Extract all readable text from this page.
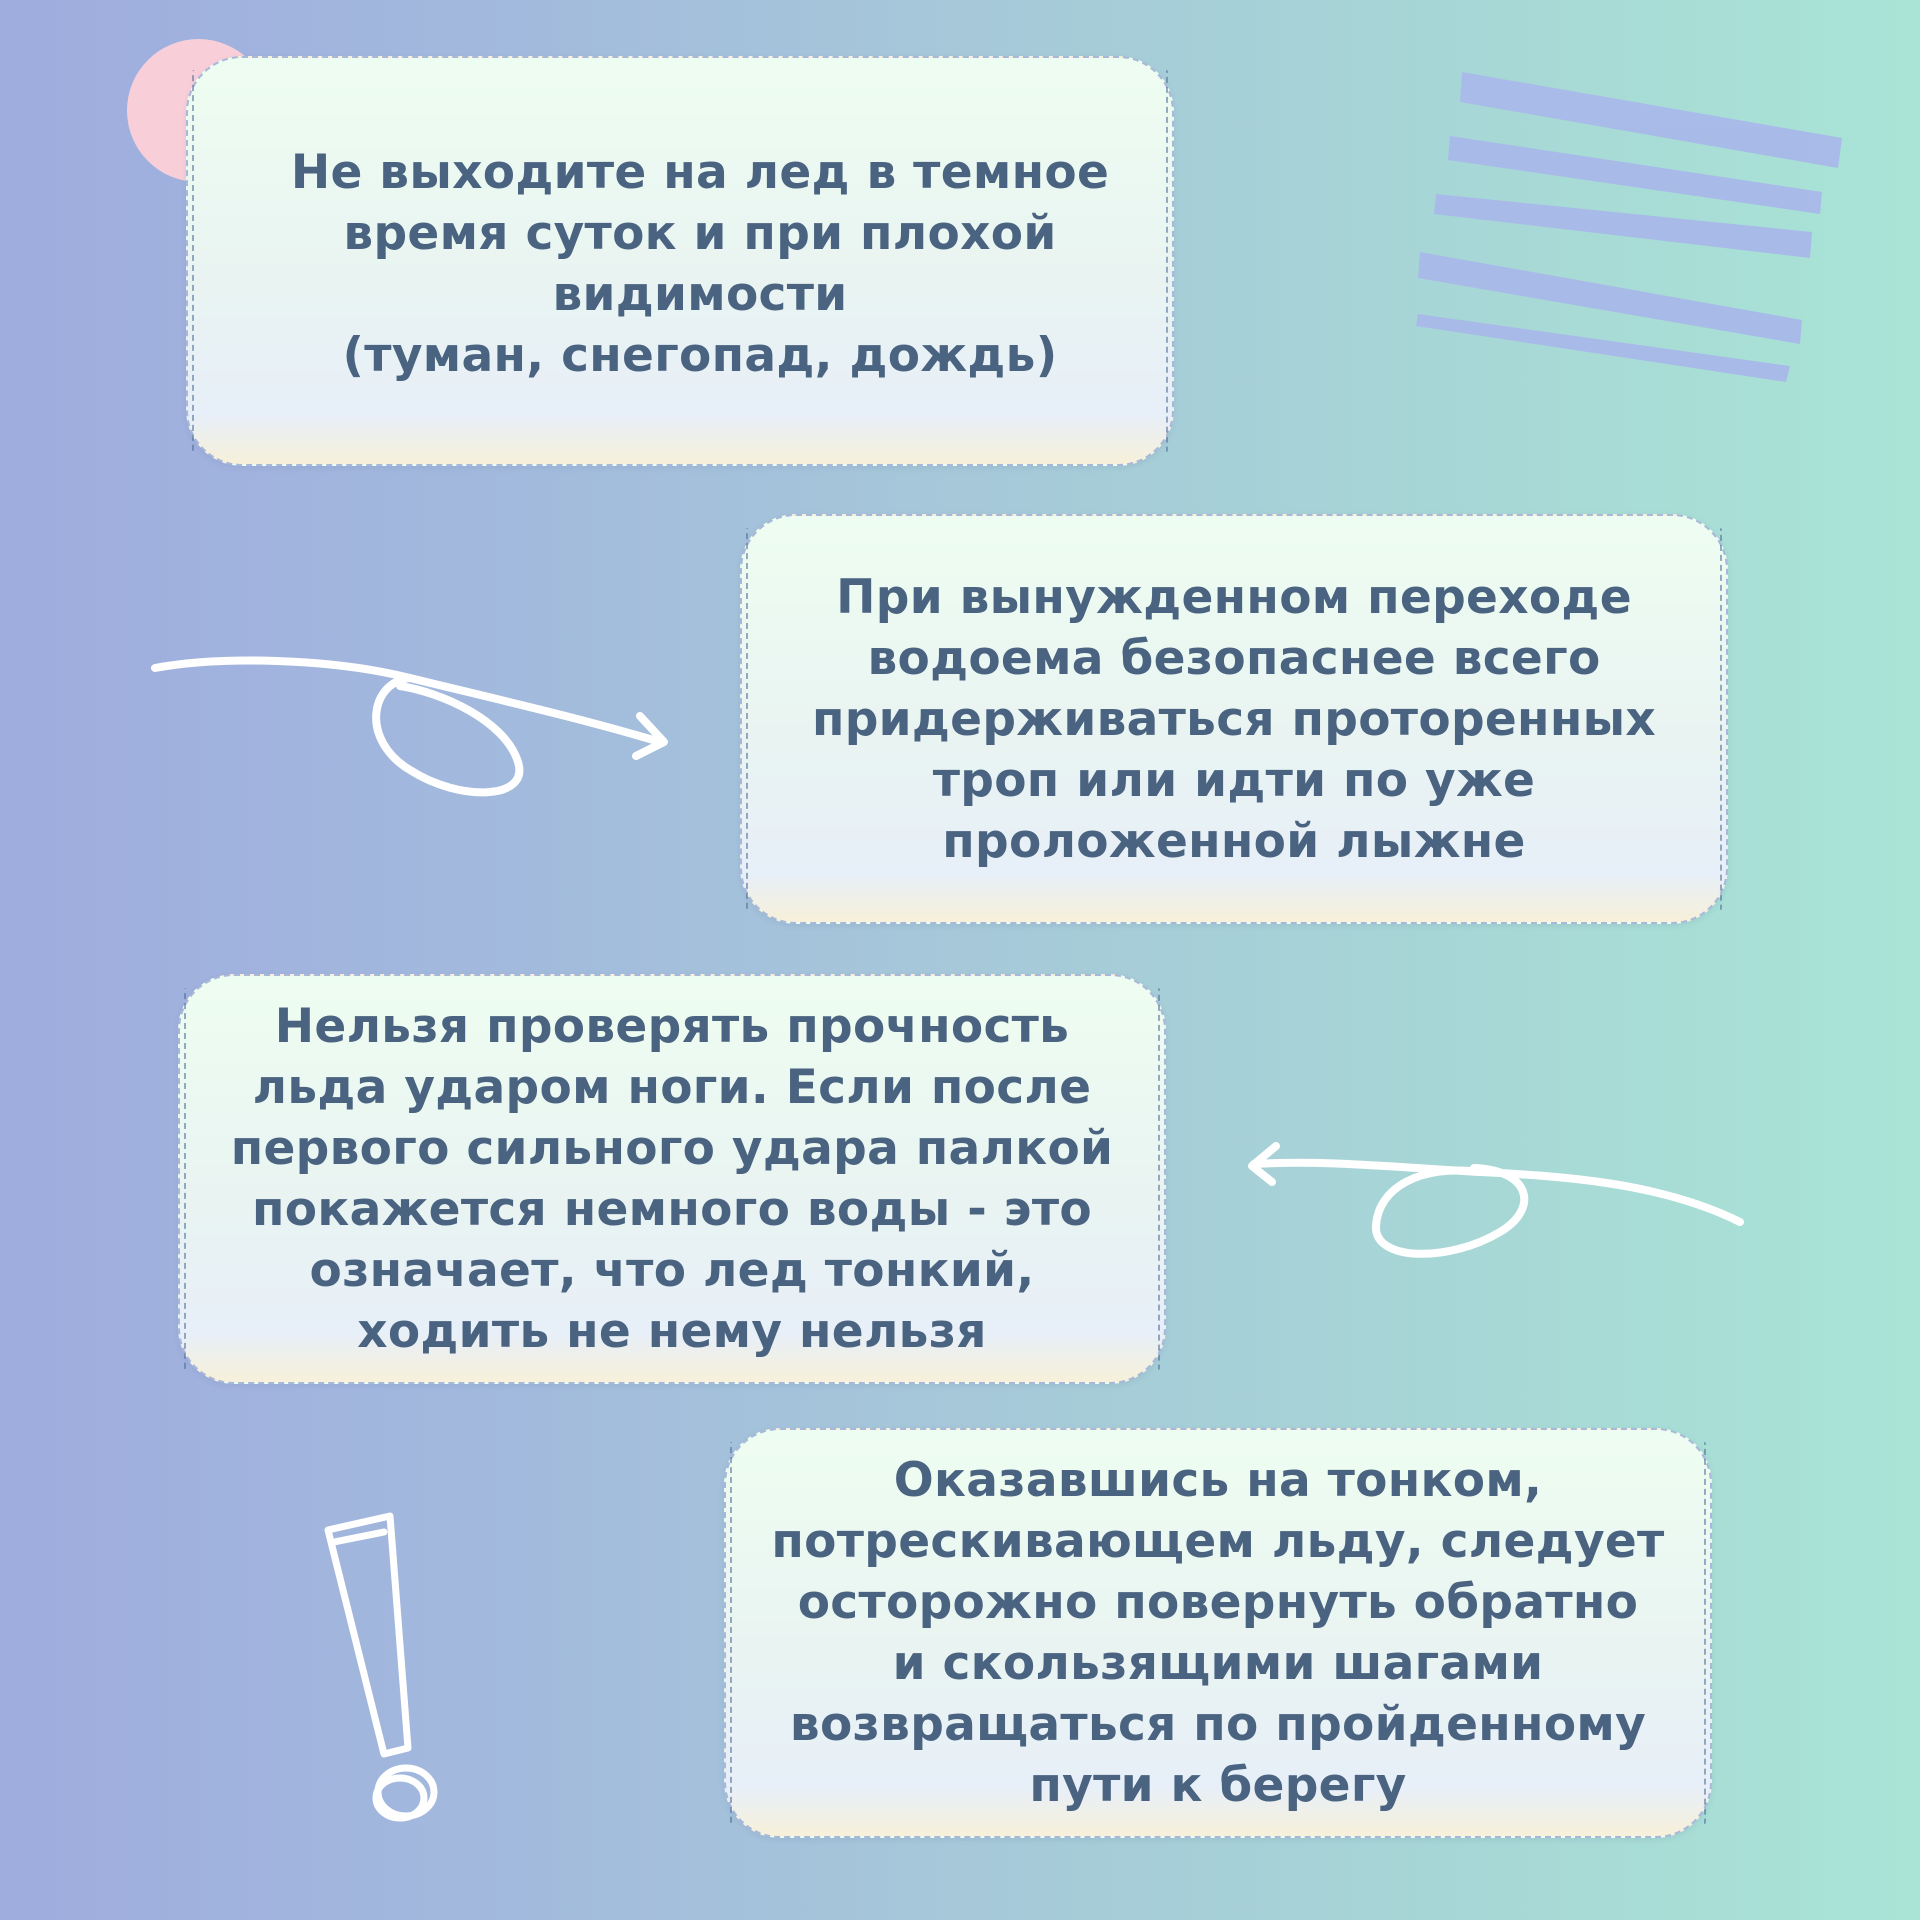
Не выходите на лед в темное
время суток и при плохой
видимости
(туман, снегопад, дождь)

При вынужденном переходе
водоема безопаснее всего
придерживаться проторенных
троп или идти по уже
проложенной лыжне

Нельзя проверять прочность
льда ударом ноги. Если после
первого сильного удара палкой
покажется немного воды - это
означает, что лед тонкий,
ходить не нему нельзя

Оказавшись на тонком,
потрескивающем льду, следует
осторожно повернуть обратно
и скользящими шагами
возвращаться по пройденному
пути к берегу
